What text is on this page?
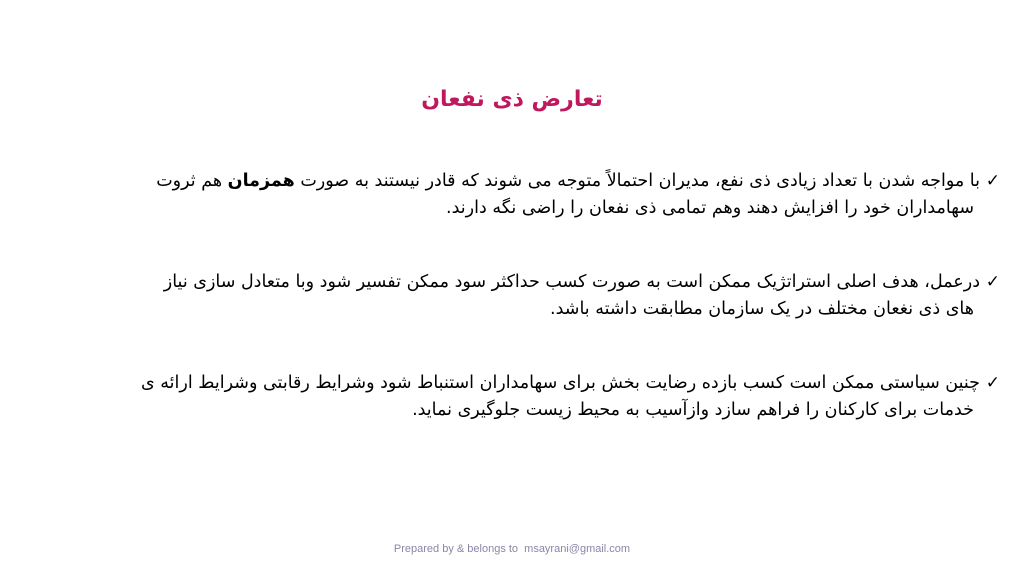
تعارض ذی نفعان
✓
با مواجه شدن با تعداد زیادی ذی نفع، مدیران احتمالاً متوجه می شوند که قادر نیستند به صورت همزمان هم ثروت
سهامداران خود را افزایش دهند وهم تمامی ذی نفعان را راضی نگه دارند.
✓
درعمل، هدف اصلی استراتژیک ممکن است به صورت کسب حداکثر سود ممکن تفسیر شود وبا متعادل سازی نیاز
های ذی نغعان مختلف در یک سازمان مطابقت داشته باشد.
✓
چنین سیاستی ممکن است کسب بازده رضایت بخش برای سهامداران استنباط شود وشرایط رقابتی وشرایط ارائه ی
خدمات برای کارکنان را فراهم سازد وازآسیب به محیط زیست جلوگیری نماید.
Prepared by & belongs to  msayrani@gmail.com
